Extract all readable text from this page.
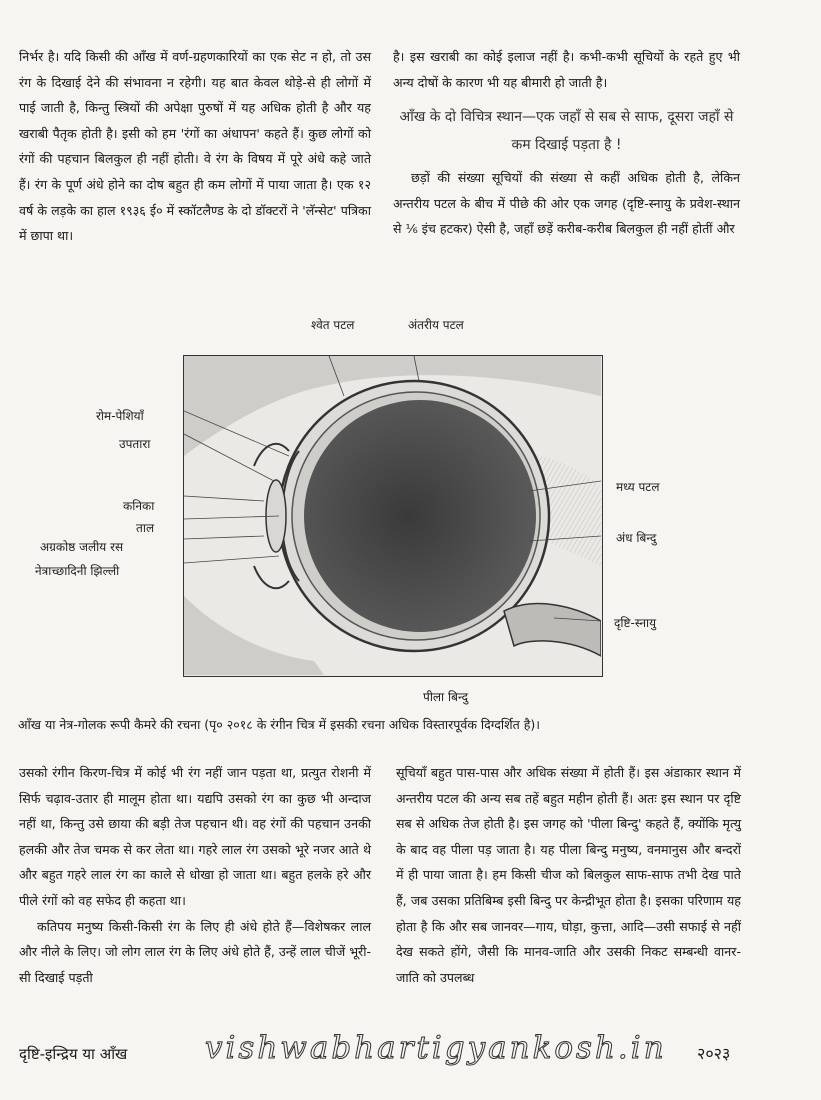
निर्भर है। यदि किसी की आँख में वर्ण-ग्रहणकारियों का एक सेट न हो, तो उस रंग के दिखाई देने की संभावना न रहेगी। यह बात केवल थोड़े-से ही लोगों में पाई जाती है, किन्तु स्त्रियों की अपेक्षा पुरुषों में यह अधिक होती है और यह खराबी पैतृक होती है। इसी को हम 'रंगों का अंधापन' कहते हैं। कुछ लोगों को रंगों की पहचान बिलकुल ही नहीं होती। वे रंग के विषय में पूरे अंधे कहे जाते हैं। रंग के पूर्ण अंधे होने का दोष बहुत ही कम लोगों में पाया जाता है। एक १२ वर्ष के लड़के का हाल १९३६ ई० में स्कॉटलैण्ड के दो डॉक्टरों ने 'लॅन्सेट' पत्रिका में छापा था।

है। इस खराबी का कोई इलाज नहीं है। कभी-कभी सूचियों के रहते हुए भी अन्य दोषों के कारण भी यह बीमारी हो जाती है।

आँख के दो विचित्र स्थान—एक जहाँ से सब से साफ, दूसरा जहाँ से कम दिखाई पड़ता है !

छड़ों की संख्या सूचियों की संख्या से कहीं अधिक होती है, लेकिन अन्तरीय पटल के बीच में पीछे की ओर एक जगह (दृष्टि-स्नायु के प्रवेश-स्थान से ⅙ इंच हटकर) ऐसी है, जहाँ छड़ें करीब-करीब बिलकुल ही नहीं होतीं और

श्वेत पटल	अंतरीय पटल
रोम-पेशियाँ
उपतारा
कनिका
ताल
अग्रकोष्ठ जलीय रस
नेत्राच्छादिनी झिल्ली
मध्य पटल
अंध बिन्दु
दृष्टि-स्नायु
पीला बिन्दु
आँख या नेत्र-गोलक रूपी कैमरे की रचना (पृ० २०१८ के रंगीन चित्र में इसकी रचना अधिक विस्तारपूर्वक दिग्दर्शित है)।

उसको रंगीन किरण-चित्र में कोई भी रंग नहीं जान पड़ता था, प्रत्युत रोशनी में सिर्फ चढ़ाव-उतार ही मालूम होता था। यद्यपि उसको रंग का कुछ भी अन्दाज नहीं था, किन्तु उसे छाया की बड़ी तेज पहचान थी। वह रंगों की पहचान उनकी हलकी और तेज चमक से कर लेता था। गहरे लाल रंग उसको भूरे नजर आते थे और बहुत गहरे लाल रंग का काले से धोखा हो जाता था। बहुत हलके हरे और पीले रंगों को वह सफेद ही कहता था।

कतिपय मनुष्य किसी-किसी रंग के लिए ही अंधे होते हैं—विशेषकर लाल और नीले के लिए। जो लोग लाल रंग के लिए अंधे होते हैं, उन्हें लाल चीजें भूरी-सी दिखाई पड़ती

सूचियाँ बहुत पास-पास और अधिक संख्या में होती हैं। इस अंडाकार स्थान में अन्तरीय पटल की अन्य सब तहें बहुत महीन होती हैं। अतः इस स्थान पर दृष्टि सब से अधिक तेज होती है। इस जगह को 'पीला बिन्दु' कहते हैं, क्योंकि मृत्यु के बाद वह पीला पड़ जाता है। यह पीला बिन्दु मनुष्य, वनमानुस और बन्दरों में ही पाया जाता है। हम किसी चीज को बिलकुल साफ-साफ तभी देख पाते हैं, जब उसका प्रतिबिम्ब इसी बिन्दु पर केन्द्रीभूत होता है। इसका परिणाम यह होता है कि और सब जानवर—गाय, घोड़ा, कुत्ता, आदि—उसी सफाई से नहीं देख सकते होंगे, जैसी कि मानव-जाति और उसकी निकट सम्बन्धी वानर-जाति को उपलब्ध

दृष्टि-इन्द्रिय या आँख	vishwabhartigyankosh.in २०२३
